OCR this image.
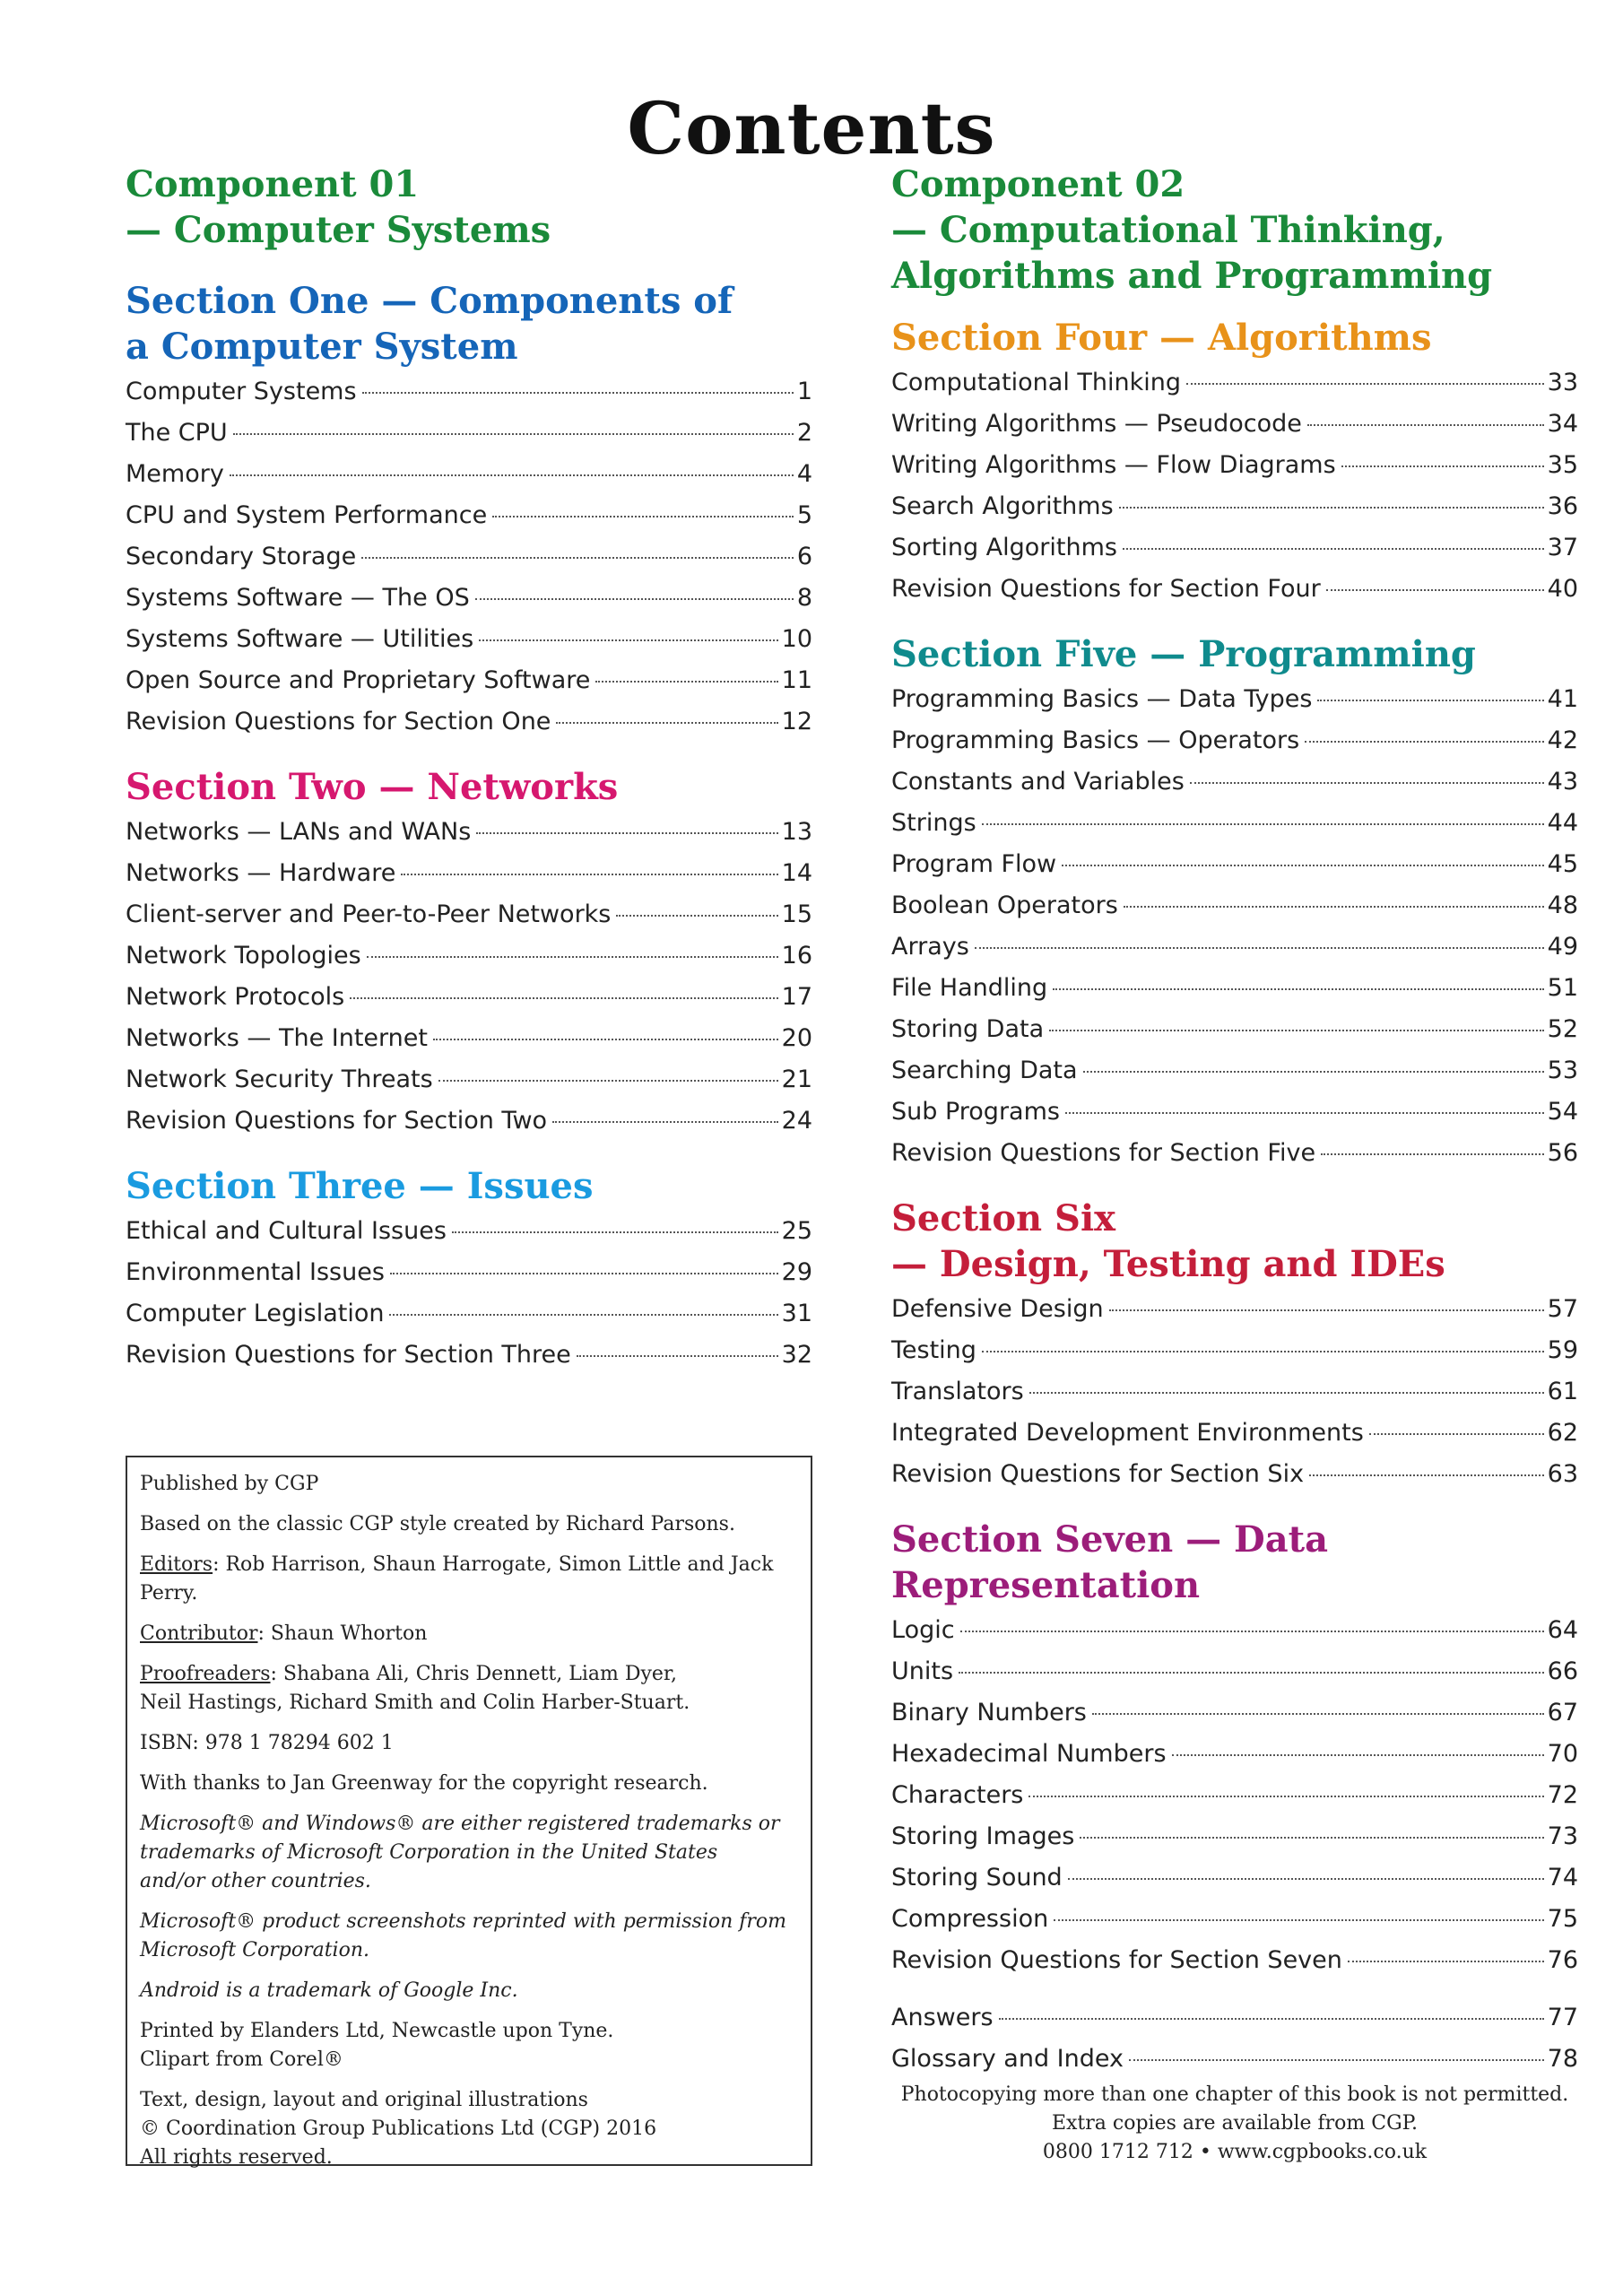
Contents
Component 01
— Computer Systems
Section One — Components of
a Computer System
Computer Systems	1
The CPU	2
Memory	4
CPU and System Performance	5
Secondary Storage	6
Systems Software — The OS	8
Systems Software — Utilities	10
Open Source and Proprietary Software	11
Revision Questions for Section One	12
Section Two — Networks
Networks — LANs and WANs	13
Networks — Hardware	14
Client-server and Peer-to-Peer Networks	15
Network Topologies	16
Network Protocols	17
Networks — The Internet	20
Network Security Threats	21
Revision Questions for Section Two	24
Section Three — Issues
Ethical and Cultural Issues	25
Environmental Issues	29
Computer Legislation	31
Revision Questions for Section Three	32
Component 02
— Computational Thinking,
Algorithms and Programming
Section Four — Algorithms
Computational Thinking	33
Writing Algorithms — Pseudocode	34
Writing Algorithms — Flow Diagrams	35
Search Algorithms	36
Sorting Algorithms	37
Revision Questions for Section Four	40
Section Five — Programming
Programming Basics — Data Types	41
Programming Basics — Operators	42
Constants and Variables	43
Strings	44
Program Flow	45
Boolean Operators	48
Arrays	49
File Handling	51
Storing Data	52
Searching Data	53
Sub Programs	54
Revision Questions for Section Five	56
Section Six
— Design, Testing and IDEs
Defensive Design	57
Testing	59
Translators	61
Integrated Development Environments	62
Revision Questions for Section Six	63
Section Seven — Data Representation
Logic	64
Units	66
Binary Numbers	67
Hexadecimal Numbers	70
Characters	72
Storing Images	73
Storing Sound	74
Compression	75
Revision Questions for Section Seven	76
Answers	77
Glossary and Index	78

Published by CGP

Based on the classic CGP style created by Richard Parsons.

Editors: Rob Harrison, Shaun Harrogate, Simon Little and Jack Perry.

Contributor: Shaun Whorton

Proofreaders: Shabana Ali, Chris Dennett, Liam Dyer,
Neil Hastings, Richard Smith and Colin Harber-Stuart.

ISBN: 978 1 78294 602 1

With thanks to Jan Greenway for the copyright research.

Microsoft® and Windows® are either registered trademarks or
trademarks of Microsoft Corporation in the United States
and/or other countries.

Microsoft® product screenshots reprinted with permission from
Microsoft Corporation.

Android is a trademark of Google Inc.

Printed by Elanders Ltd, Newcastle upon Tyne.
Clipart from Corel®

Text, design, layout and original illustrations
© Coordination Group Publications Ltd (CGP) 2016
All rights reserved.

Photocopying more than one chapter of this book is not permitted.
Extra copies are available from CGP.
0800 1712 712 • www.cgpbooks.co.uk
